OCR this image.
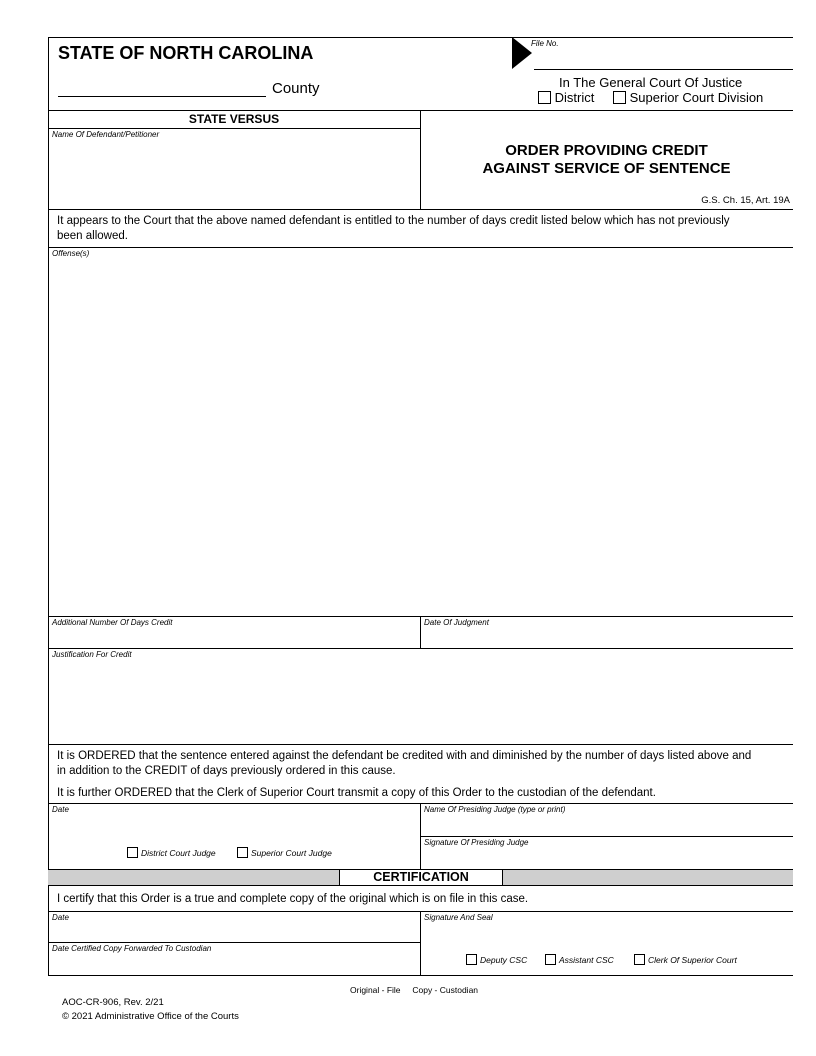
STATE OF NORTH CAROLINA	File No.
County	In The General Court Of Justice
District	Superior Court Division
STATE VERSUS
Name Of Defendant/Petitioner
ORDER PROVIDING CREDIT
AGAINST SERVICE OF SENTENCE
G.S. Ch. 15, Art. 19A
It appears to the Court that the above named defendant is entitled to the number of days credit listed below which has not previously
been allowed.
Offense(s)
Additional Number Of Days Credit	Date Of Judgment
Justification For Credit
It is ORDERED that the sentence entered against the defendant be credited with and diminished by the number of days listed above and
in addition to the CREDIT of days previously ordered in this cause.
It is further ORDERED that the Clerk of Superior Court transmit a copy of this Order to the custodian of the defendant.
Date	Name Of Presiding Judge (type or print)
Signature Of Presiding Judge
District Court Judge	Superior Court Judge
CERTIFICATION
I certify that this Order is a true and complete copy of the original which is on file in this case.
Date	Signature And Seal
Date Certified Copy Forwarded To Custodian
Deputy CSC	Assistant CSC	Clerk Of Superior Court
Original - File     Copy - Custodian
AOC-CR-906, Rev. 2/21
© 2021 Administrative Office of the Courts
